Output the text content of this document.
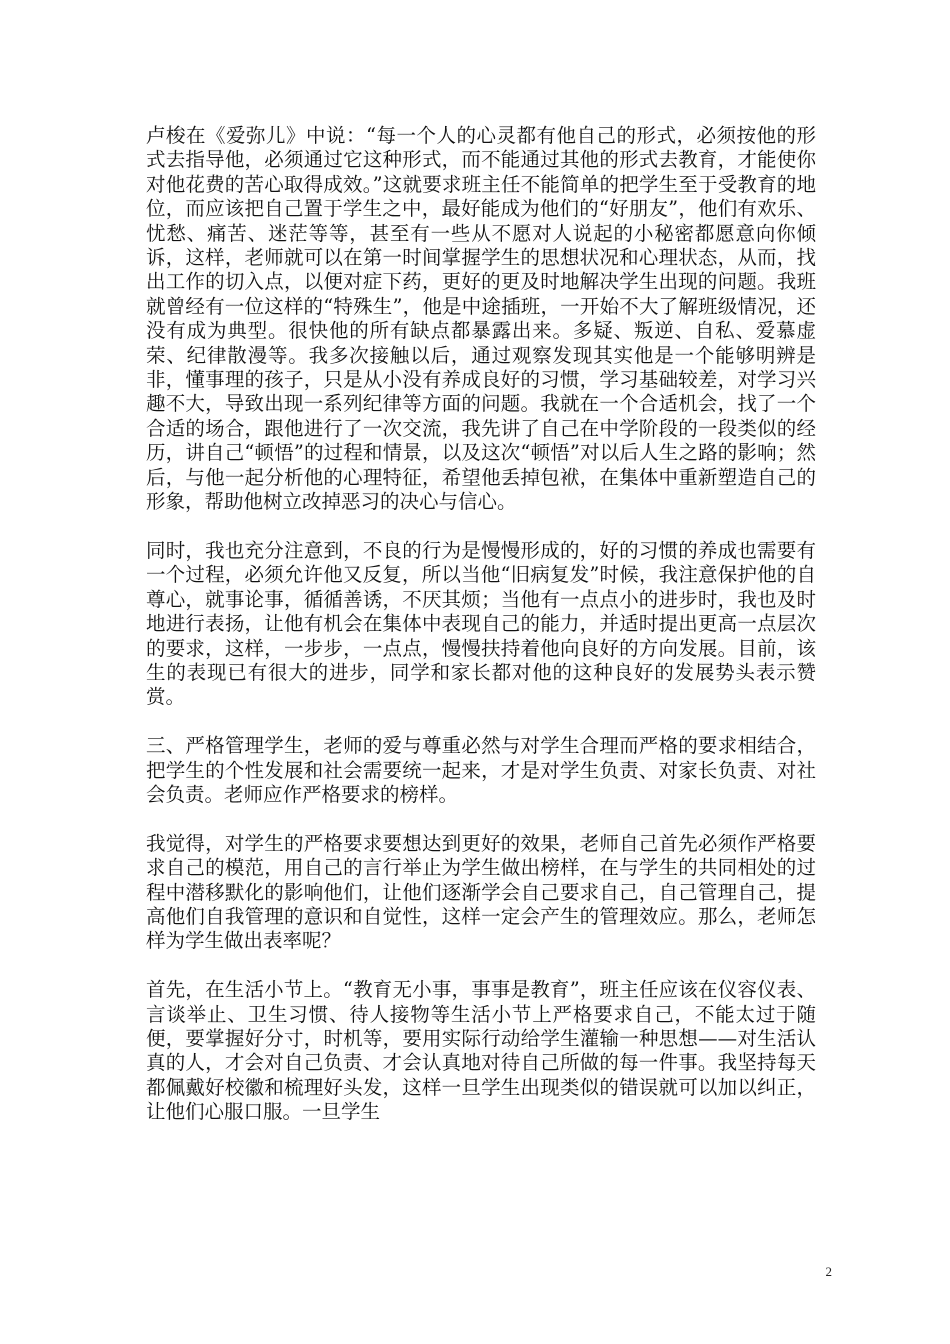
卢梭在《爱弥儿》中说：“每一个人的心灵都有他自己的形式，必须按他的形式去指导他，必须通过它这种形式，而不能通过其他的形式去教育，才能使你对他花费的苦心取得成效。”这就要求班主任不能简单的把学生至于受教育的地位，而应该把自己置于学生之中，最好能成为他们的“好朋友”，他们有欢乐、忧愁、痛苦、迷茫等等，甚至有一些从不愿对人说起的小秘密都愿意向你倾诉，这样，老师就可以在第一时间掌握学生的思想状况和心理状态，从而，找出工作的切入点，以便对症下药，更好的更及时地解决学生出现的问题。我班就曾经有一位这样的“特殊生”，他是中途插班，一开始不大了解班级情况，还没有成为典型。很快他的所有缺点都暴露出来。多疑、叛逆、自私、爱慕虚荣、纪律散漫等。我多次接触以后，通过观察发现其实他是一个能够明辨是非，懂事理的孩子，只是从小没有养成良好的习惯，学习基础较差，对学习兴趣不大，导致出现一系列纪律等方面的问题。我就在一个合适机会，找了一个合适的场合，跟他进行了一次交流，我先讲了自己在中学阶段的一段类似的经历，讲自己“顿悟”的过程和情景，以及这次“顿悟”对以后人生之路的影响；然后，与他一起分析他的心理特征，希望他丢掉包袱，在集体中重新塑造自己的形象，帮助他树立改掉恶习的决心与信心。

同时，我也充分注意到，不良的行为是慢慢形成的，好的习惯的养成也需要有一个过程，必须允许他又反复，所以当他“旧病复发”时候，我注意保护他的自尊心，就事论事，循循善诱，不厌其烦；当他有一点点小的进步时，我也及时地进行表扬，让他有机会在集体中表现自己的能力，并适时提出更高一点层次的要求，这样，一步步，一点点，慢慢扶持着他向良好的方向发展。目前，该生的表现已有很大的进步，同学和家长都对他的这种良好的发展势头表示赞赏。

三、严格管理学生，老师的爱与尊重必然与对学生合理而严格的要求相结合，把学生的个性发展和社会需要统一起来，才是对学生负责、对家长负责、对社会负责。老师应作严格要求的榜样。

我觉得，对学生的严格要求要想达到更好的效果，老师自己首先必须作严格要求自己的模范，用自己的言行举止为学生做出榜样，在与学生的共同相处的过程中潜移默化的影响他们，让他们逐渐学会自己要求自己，自己管理自己，提高他们自我管理的意识和自觉性，这样一定会产生的管理效应。那么，老师怎样为学生做出表率呢？

首先，在生活小节上。“教育无小事，事事是教育”，班主任应该在仪容仪表、言谈举止、卫生习惯、待人接物等生活小节上严格要求自己，不能太过于随便，要掌握好分寸，时机等，要用实际行动给学生灌输一种思想——对生活认真的人，才会对自己负责、才会认真地对待自己所做的每一件事。我坚持每天都佩戴好校徽和梳理好头发，这样一旦学生出现类似的错误就可以加以纠正，让他们心服口服。一旦学生

2
